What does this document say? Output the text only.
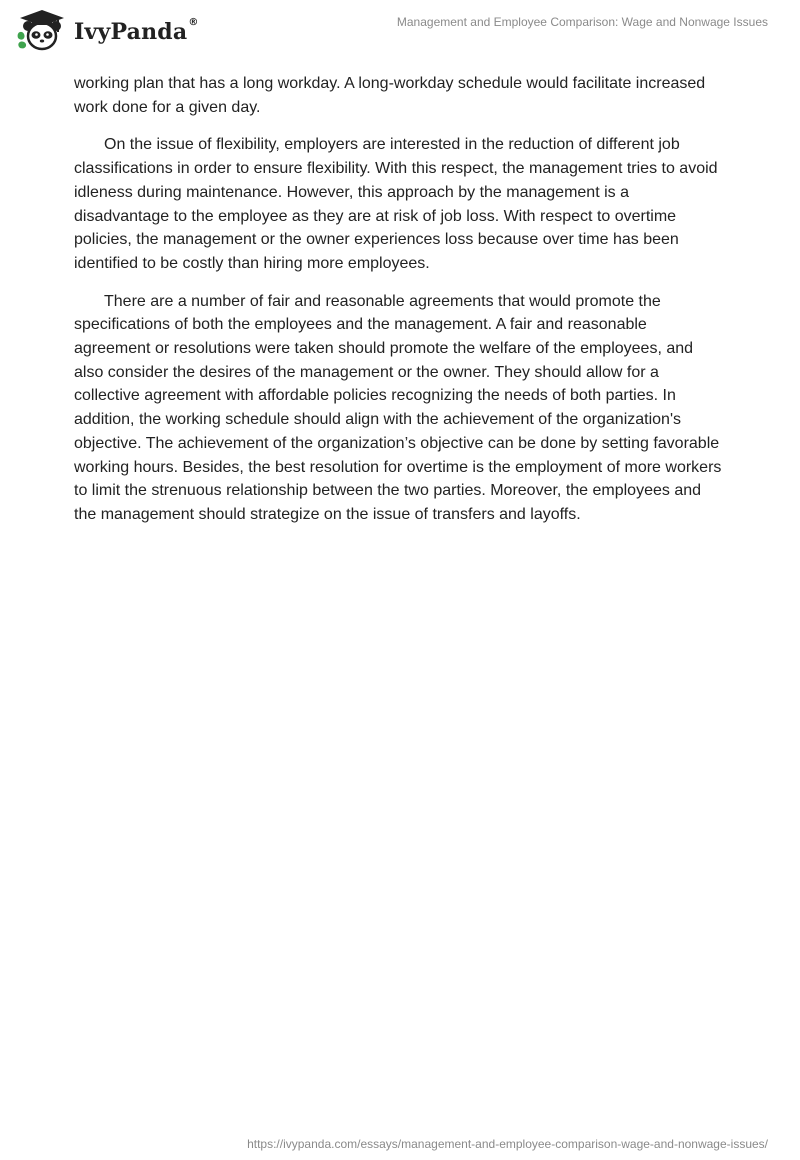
IvyPanda®	Management and Employee Comparison: Wage and Nonwage Issues

working plan that has a long workday. A long-workday schedule would facilitate increased work done for a given day.

On the issue of flexibility, employers are interested in the reduction of different job classifications in order to ensure flexibility. With this respect, the management tries to avoid idleness during maintenance. However, this approach by the management is a disadvantage to the employee as they are at risk of job loss. With respect to overtime policies, the management or the owner experiences loss because over time has been identified to be costly than hiring more employees.

There are a number of fair and reasonable agreements that would promote the specifications of both the employees and the management. A fair and reasonable agreement or resolutions were taken should promote the welfare of the employees, and also consider the desires of the management or the owner. They should allow for a collective agreement with affordable policies recognizing the needs of both parties. In addition, the working schedule should align with the achievement of the organization's objective. The achievement of the organization’s objective can be done by setting favorable working hours. Besides, the best resolution for overtime is the employment of more workers to limit the strenuous relationship between the two parties. Moreover, the employees and the management should strategize on the issue of transfers and layoffs.

https://ivypanda.com/essays/management-and-employee-comparison-wage-and-nonwage-issues/
